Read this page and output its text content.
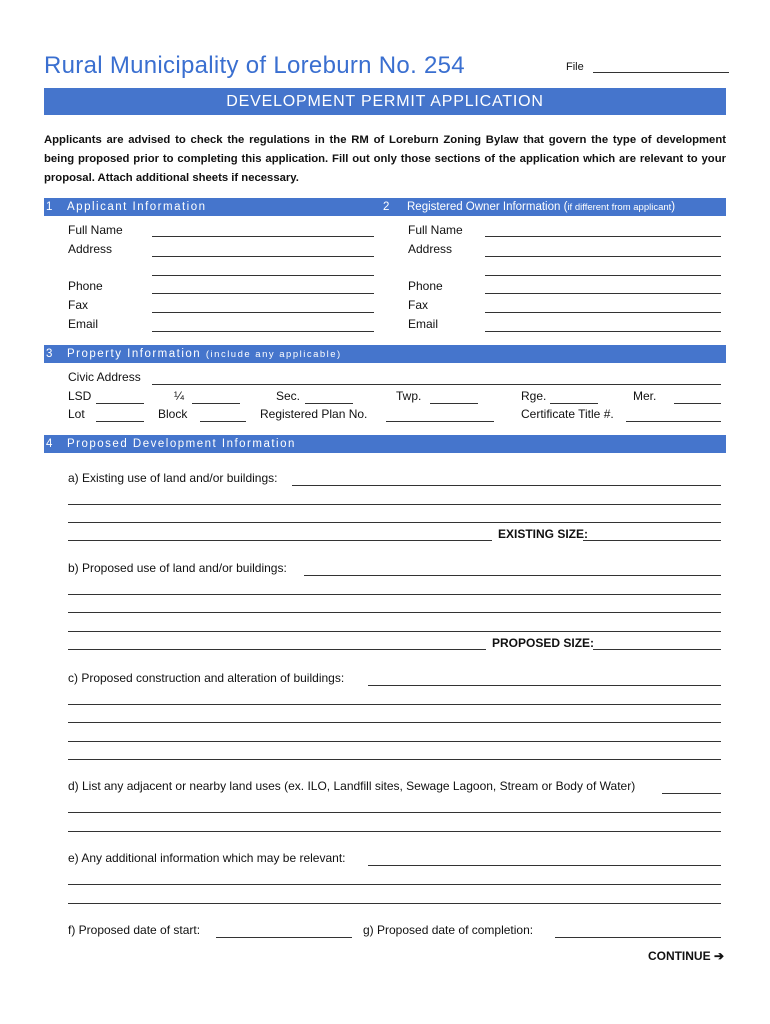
Rural Municipality of Loreburn No. 254	File
DEVELOPMENT PERMIT APPLICATION
Applicants are advised to check the regulations in the RM of Loreburn Zoning Bylaw that govern the type of development being proposed prior to completing this application. Fill out only those sections of the application which are relevant to your proposal. Attach additional sheets if necessary.
1 Applicant Information	2 Registered Owner Information (if different from applicant)
Full Name
Address
Phone
Fax
Email
Full Name
Address
Phone
Fax
Email
3 Property Information (include any applicable)
Civic Address
LSD	¼	Sec.	Twp.	Rge.	Mer.
Lot	Block	Registered Plan No.	Certificate Title #.
4 Proposed Development Information
a) Existing use of land and/or buildings:
EXISTING SIZE:
b) Proposed use of land and/or buildings:
PROPOSED SIZE:
c) Proposed construction and alteration of buildings:
d) List any adjacent or nearby land uses (ex. ILO, Landfill sites, Sewage Lagoon, Stream or Body of Water)
e) Any additional information which may be relevant:
f) Proposed date of start:	g) Proposed date of completion:
CONTINUE ➔
